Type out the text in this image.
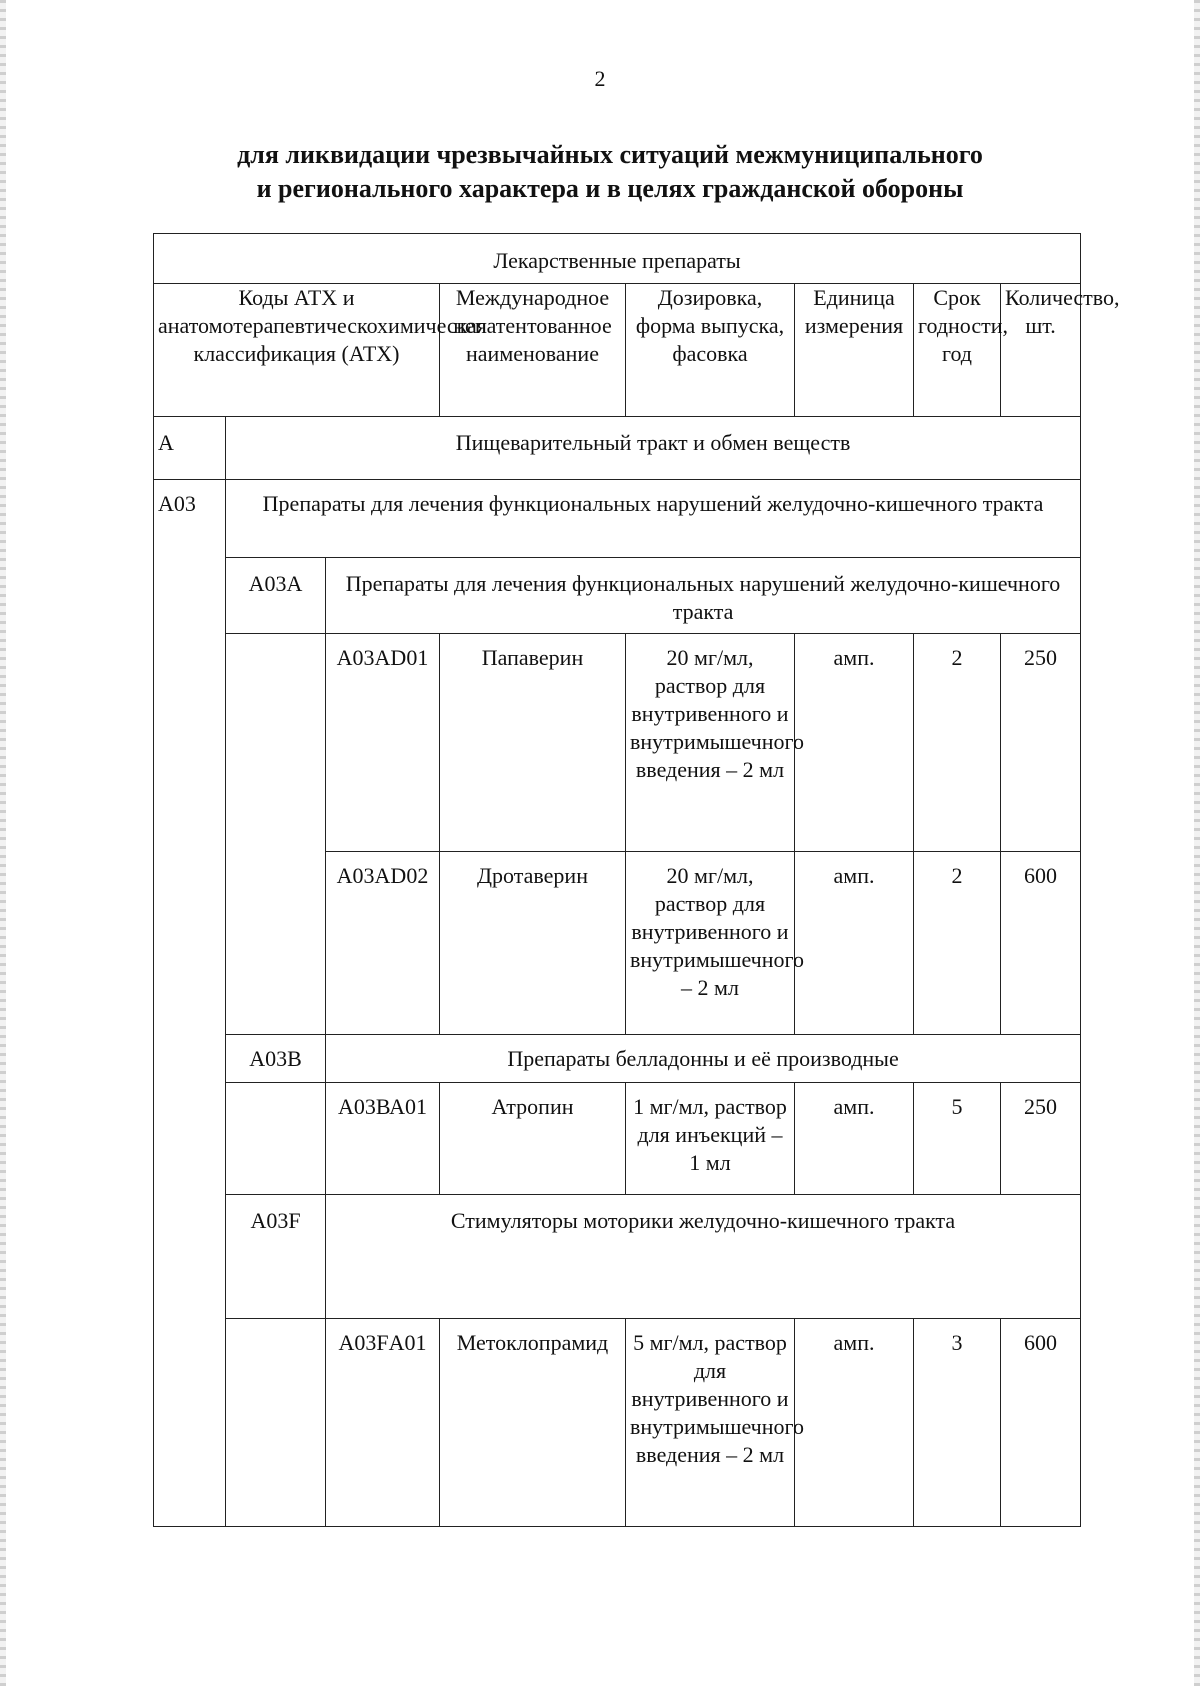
2
для ликвидации чрезвычайных ситуаций межмуниципального
и регионального характера и в целях гражданской обороны
Лекарственные препараты							
Коды АТХ и анатомотерапевтическохимическая классификация (АТХ)			Международное непатентованное наименование	Дозировка, форма выпуска, фасовка	Единица измерения	Срок годности, год	Количество, шт.
А	Пищеварительный тракт и обмен веществ						
А03	Препараты для лечения функциональных нарушений желудочно-кишечного тракта						
	А03А	Препараты для лечения функциональных нарушений желудочно-кишечного тракта					
		А03AD01	Папаверин	20 мг/мл, раствор для внутривенного и внутримышечного введения – 2 мл	амп.	2	250
		А03AD02	Дротаверин	20 мг/мл, раствор для внутривенного и внутримышечного – 2 мл	амп.	2	600
	А03В	Препараты белладонны и её производные					
		А03ВА01	Атропин	1 мг/мл, раствор для инъекций – 1 мл	амп.	5	250
	А03F	Стимуляторы моторики желудочно-кишечного тракта					
		А03FА01	Метоклопрамид	5 мг/мл, раствор для внутривенного и внутримышечного введения – 2 мл	амп.	3	600
